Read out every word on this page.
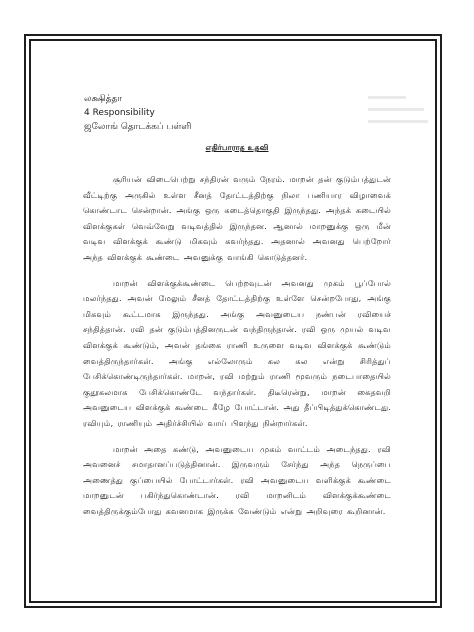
லக்ஷித்தா
4 Responsibility
ஜலோங் தொடக்கப் பள்ளி
எதிர்பாராத உதவி

சூரியன் விடைபெற்று சந்திரன் வரும் நேரம். மாறன் தன் குடும்பத்துடன் வீட்டிற்கு அருகில் உள்ள சீனத் தோட்டத்திற்கு நிலா பணியார விழாவைக் கொண்டாட சென்றான். அங்கு ஒரு கடைத்தொகுதி இருந்தது. அந்தக் கடையில் விளக்குகள் வெவ்வேறு வடிவத்தில் இருந்தன. ஆனால் மாறனுக்கு ஒரு மீன் வடிவ விளக்குக் கூண்டு மிகவும் கவர்ந்தது. அதனால் அவனது பெற்றோர் அந்த விளக்குக் கூண்டை அவனுக்கு வாங்கி கொடுத்தனர்.

மாறன் விளக்குக்கூண்டை பெற்றவுடன் அவனது முகம் பூப்போல் மலர்ந்தது. அவன் மேலும் சீனத் தோட்டத்திற்கு உள்ளே சென்றபோது, அங்கு மிகவும் கூட்டமாக இருந்தது. அங்கு அவனுடைய நண்பன் ரவியைச் சந்தித்தான். ரவி தன் குடும்பத்தினருடன் வந்திருந்தான். ரவி ஒரு முயல் வடிவ விளக்குக் கூண்டும், அவன் தங்கை ராணி உருளை வடிவ விளக்குக் கூண்டும் வைத்திருந்தார்கள். அங்கு எல்லோரும் கல கல என்று சிரித்துப் பேசிக்கொண்டிருந்தார்கள். மாறன், ரவி மற்றும் ராணி மூவரும் நடைபாதையில் குதூகலமாக பேசிக்கொண்டே வந்தார்கள். திடீரென்று, மாறன் கைதவறி அவனுடைய விளக்குக் கூண்டை கீழே போட்டான். அது தீப்பிடித்துக்கொண்டது. ரவியும், ராணியும் அதிர்ச்சியில் வாய் பிளந்து நின்றார்கள்.

மாறன் அதை கண்டு, அவனுடைய முகம் வாட்டம் அடைந்தது. ரவி அவனைச் சமாதானப்படுத்தினான். இருவரும் சேர்ந்து அந்த நெருப்பை அணைத்து குப்பையில் போட்டார்கள். ரவி அவனுடைய வளிக்குக் கூண்டை மாறனுடன் பகிர்ந்துகொண்டான். ரவி மாறனிடம் விளக்குக்கூண்டை வைத்திருக்கும்போது கவனமாக இருக்க வேண்டும் என்று அறிவுரை கூறினான்.
